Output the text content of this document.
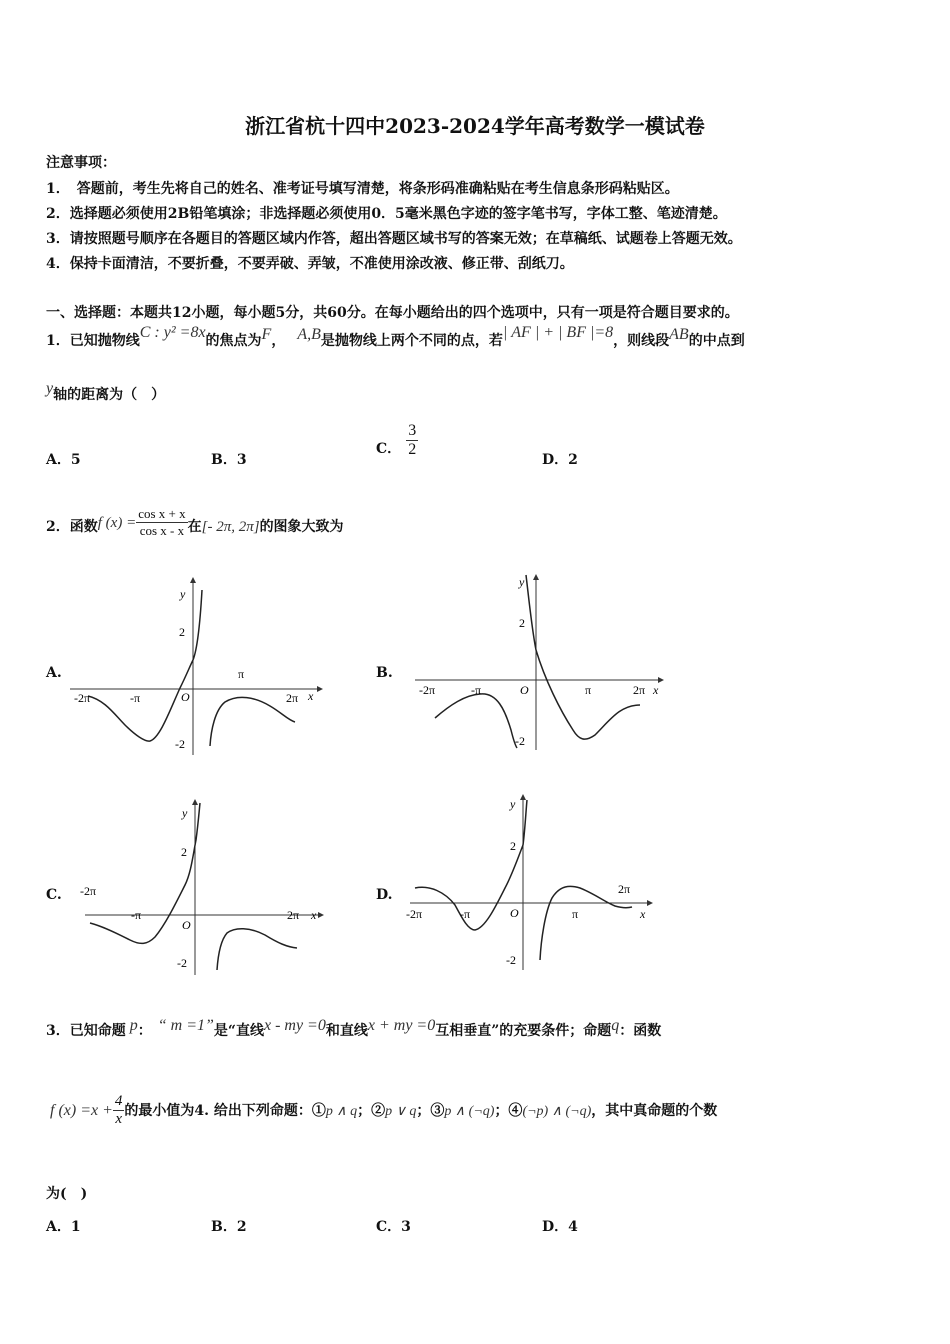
浙江省杭十四中2023-2024学年高考数学一模试卷
注意事项：
1．　答题前，考生先将自己的姓名、准考证号填写清楚，将条形码准确粘贴在考生信息条形码粘贴区。
2．选择题必须使用2B铅笔填涂；非选择题必须使用0．5毫米黑色字迹的签字笔书写，字体工整、笔迹清楚。
3．请按照题号顺序在各题目的答题区域内作答，超出答题区域书写的答案无效；在草稿纸、试题卷上答题无效。
4．保持卡面清洁，不要折叠，不要弄破、弄皱，不准使用涂改液、修正带、刮纸刀。
一、选择题：本题共12小题，每小题5分，共60分。在每小题给出的四个选项中，只有一项是符合题目要求的。
1．已知抛物线C : y² =8x的焦点为F， A,B是抛物线上两个不同的点，若| AF | + | BF |=8，则线段AB的中点到
y轴的距离为（　）
A．5	B．3
C． $\frac{3}{2}$
D．2
2．函数f $(x) = \frac{\text{cos x + x}}{\text{cos x - x}}$ 在[- 2π, 2π]的图象大致为
A.	B.
C.	D.
y
2
-2
O
π
-π
-2π	2π x
y
2
-2
O	π
-π
-2π	2π x
y
2
-2
O
-π
-2π
2π x
y
2
-2
O	π
-π
-2π
2π
x
3．已知命题 p： “ m =1”是“直线x - my =0和直线x + my =0互相垂直”的充要条件；命题q：函数
f $(x) =x + \frac{4}{x}$ 的最小值为4. 给出下列命题：①p ∧ q；②p ∨ q；③p ∧ (¬q)；④(¬p) ∧ (¬q)，其中真命题的个数
为(　)
A．1	B．2	C．3	D．4
